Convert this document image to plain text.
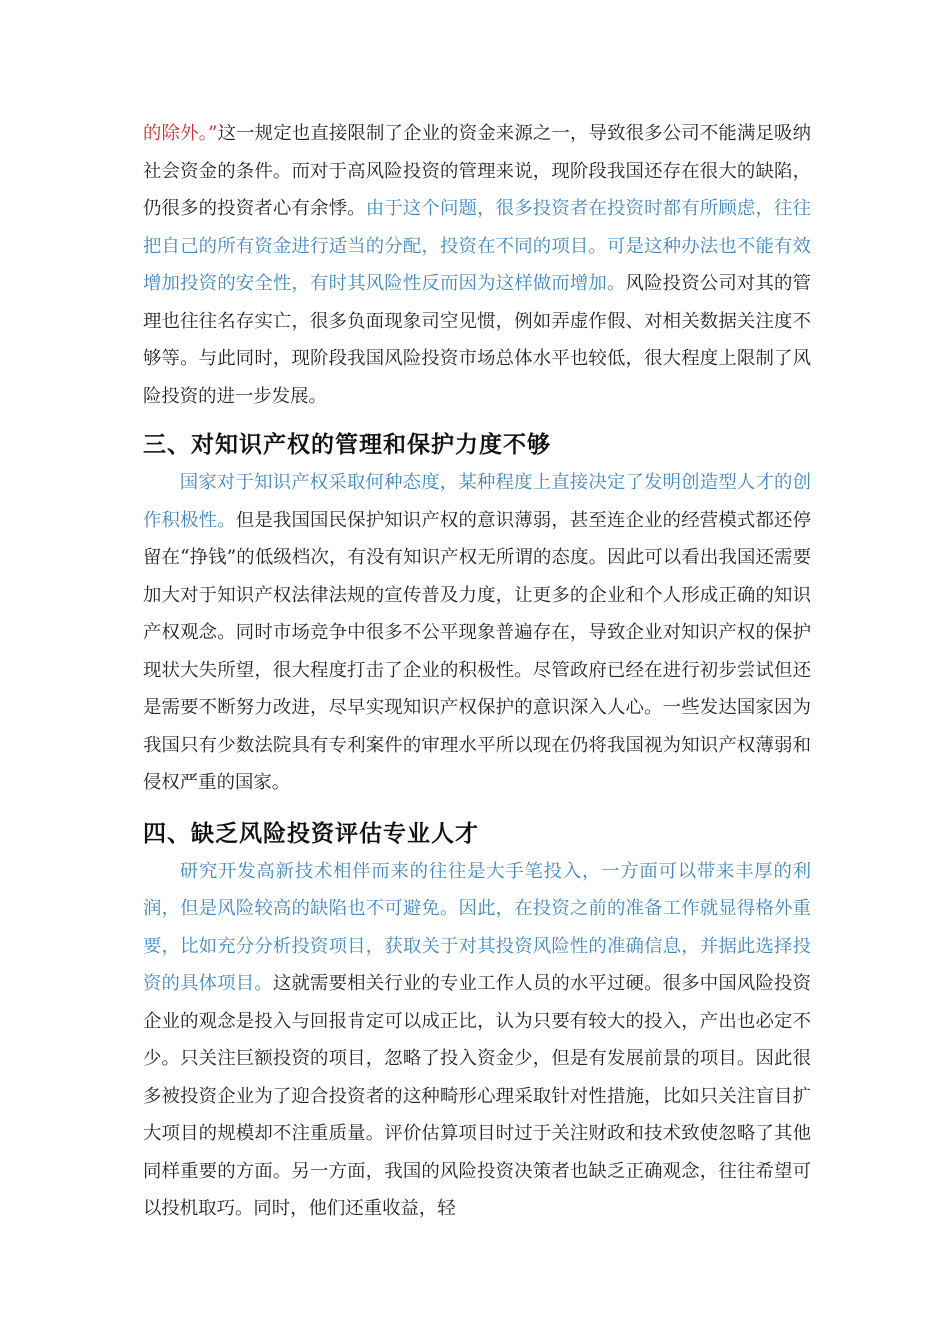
的除外。”这一规定也直接限制了企业的资金来源之一，导致很多公司不能满足吸纳社会资金的条件。而对于高风险投资的管理来说，现阶段我国还存在很大的缺陷，仍很多的投资者心有余悸。由于这个问题，很多投资者在投资时都有所顾虑，往往把自己的所有资金进行适当的分配，投资在不同的项目。可是这种办法也不能有效增加投资的安全性，有时其风险性反而因为这样做而增加。风险投资公司对其的管理也往往名存实亡，很多负面现象司空见惯，例如弄虚作假、对相关数据关注度不够等。与此同时，现阶段我国风险投资市场总体水平也较低，很大程度上限制了风险投资的进一步发展。

三、对知识产权的管理和保护力度不够

国家对于知识产权采取何种态度，某种程度上直接决定了发明创造型人才的创作积极性。但是我国国民保护知识产权的意识薄弱，甚至连企业的经营模式都还停留在“挣钱”的低级档次，有没有知识产权无所谓的态度。因此可以看出我国还需要加大对于知识产权法律法规的宣传普及力度，让更多的企业和个人形成正确的知识产权观念。同时市场竞争中很多不公平现象普遍存在，导致企业对知识产权的保护现状大失所望，很大程度打击了企业的积极性。尽管政府已经在进行初步尝试但还是需要不断努力改进，尽早实现知识产权保护的意识深入人心。一些发达国家因为我国只有少数法院具有专利案件的审理水平所以现在仍将我国视为知识产权薄弱和侵权严重的国家。

四、缺乏风险投资评估专业人才

研究开发高新技术相伴而来的往往是大手笔投入，一方面可以带来丰厚的利润，但是风险较高的缺陷也不可避免。因此，在投资之前的准备工作就显得格外重要，比如充分分析投资项目，获取关于对其投资风险性的准确信息，并据此选择投资的具体项目。这就需要相关行业的专业工作人员的水平过硬。很多中国风险投资企业的观念是投入与回报肯定可以成正比，认为只要有较大的投入，产出也必定不少。只关注巨额投资的项目，忽略了投入资金少，但是有发展前景的项目。因此很多被投资企业为了迎合投资者的这种畸形心理采取针对性措施，比如只关注盲目扩大项目的规模却不注重质量。评价估算项目时过于关注财政和技术致使忽略了其他同样重要的方面。另一方面，我国的风险投资决策者也缺乏正确观念，往往希望可以投机取巧。同时，他们还重收益，轻
